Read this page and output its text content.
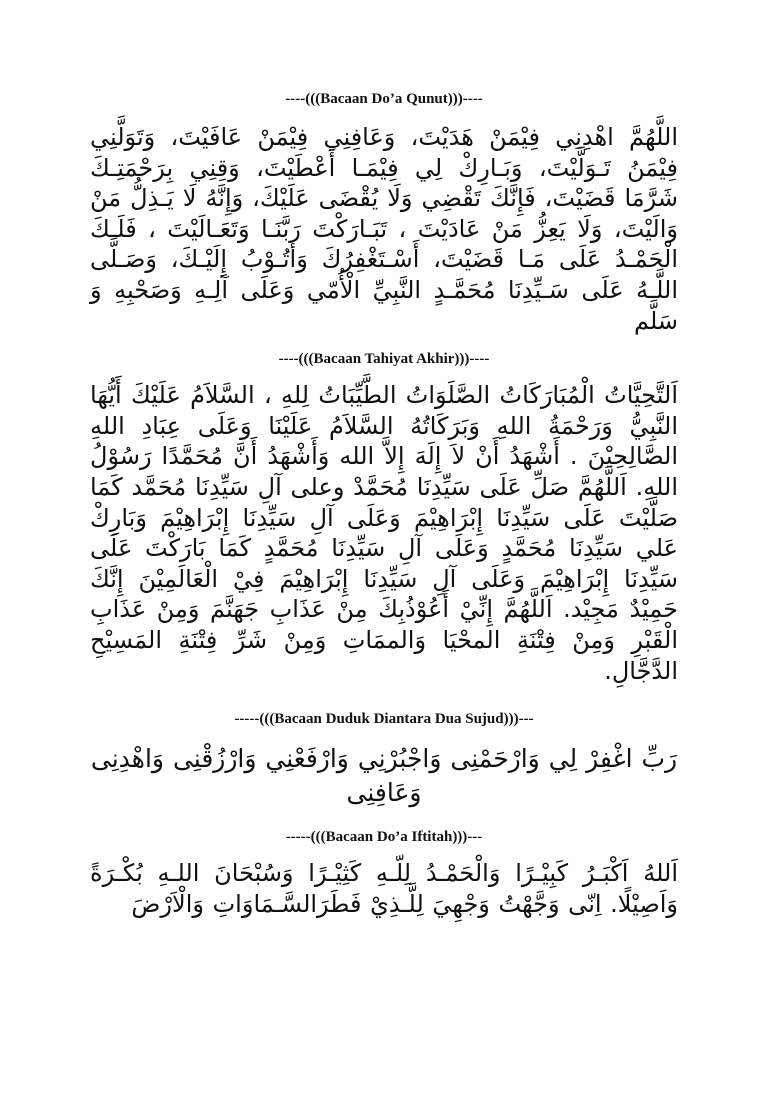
----(((Bacaan Do’a Qunut)))----
اللَّهُمَّ اهْدِنِي فِيْمَنْ هَدَيْتَ، وَعَافِنِي فِيْمَنْ عَافَيْتَ، وَتَوَلَّنِي فِيْمَنُ تَـوَلَّيْتَ، وَبَـارِكْ لِي فِيْمَـا أَعْطَيْتَ، وَقِنِي بِرَحْمَتِـكَ شَرَّمَا قَضَيْتَ، فَإِنَّكَ تَقْضِي وَلَا يُقْضَى عَلَيْكَ، وَإِنَّهُ لَا يَـذِلُّ مَنْ وَالَيْتَ، وَلَا يَعِزُّ مَنْ عَادَيْتَ ، تَبَـارَكْتَ رَبَّنَـا وَتَعَـالَيْتَ ، فَلَـكَ الْحَمْـدُ عَلَى مَـا قَضَيْتَ، أَسْـتَغْفِرُكَ وَأَتُـوْبُ إِلَيْـكَ، وَصَـلَّى اللَّـهُ عَلَى سَـيِّدِنَا مُحَمَّـدٍ النَّبِيِّ الْأُمّي وَعَلَى آلِـهِ وَصَحْبِهِ وَ سَلَّم
----(((Bacaan Tahiyat Akhir)))----
اَلتَّحِيَّاتُ الْمُبَارَكَاتُ الصَّلَوَاتُ الطَّيِّبَاتُ لِلهِ ، السَّلاَمُ عَلَيْكَ أَيُّهَا النَّبِيُّ وَرَحْمَةُ اللهِ وَبَرَكَاتُهُ السَّلاَمُ عَلَيْنَا وَعَلَى عِبَادِ اللهِ الصَّالِحِيْنَ . أَشْهَدُ أَنْ لاَ إِلَهَ إِلاَّ الله وَأَشْهَدُ أَنَّ مُحَمَّدًا رَسُوْلُ اللهِ. اَللَّهُمَّ صَلِّ عَلَى سَيِّدِنَا مُحَمَّدْ وعلى آلِ سَيِّدِنَا مُحَمَّد كَمَا صَلَّيْتَ عَلَى سَيِّدِنَا إِبْرَاهِيْمَ وَعَلَى آلِ سَيِّدِنَا إِبْرَاهِيْمَ وَبَارِكْ عَلي سَيِّدِنَا مُحَمَّدٍ وَعَلَى آلِ سَيِّدِنَا مُحَمَّدٍ كَمَا بَارَكْتَ عَلَى سَيِّدِنَا إِبْرَاهِيْمَ وَعَلَى آلِ سَيِّدِنَا إِبْرَاهِيْمَ فِيْ الْعَالَمِيْنَ إِنَّكَ حَمِيْدٌ مَجِيْد. اَللَّهُمَّ إِنِّيْ أَعُوْذُبِكَ مِنْ عَذَابِ جَهَنَّمَ وَمِنْ عَذَابِ الْقَبْرِ وَمِنْ فِتْنَةِ المحْيَا وَالممَاتِ وَمِنْ شَرِّ فِتْنَةِ المَسِيْحِ الدَّجَّالِ.
-----(((Bacaan Duduk Diantara Dua Sujud)))---
رَبِّ اغْفِرْ لِي وَارْحَمْنِى وَاجْبُرْنِي وَارْفَعْنِي وَارْزُقْنِى وَاهْدِنِى وَعَافِنِى
-----(((Bacaan Do’a Iftitah)))---
اَللهُ اَكْبَـرُ كَبِيْـرًا وَالْحَمْـدُ لِلّـهِ كَثِيْـرًا وَسُبْحَانَ اللـهِ بُكْـرَةً وَاَصِيْلًا. اِنّى وَجَّهْتُ وَجْهِيَ لِلَّـذِيْ فَطَرَالسَّـمَاوَاتِ وَالْاَرْضَ
